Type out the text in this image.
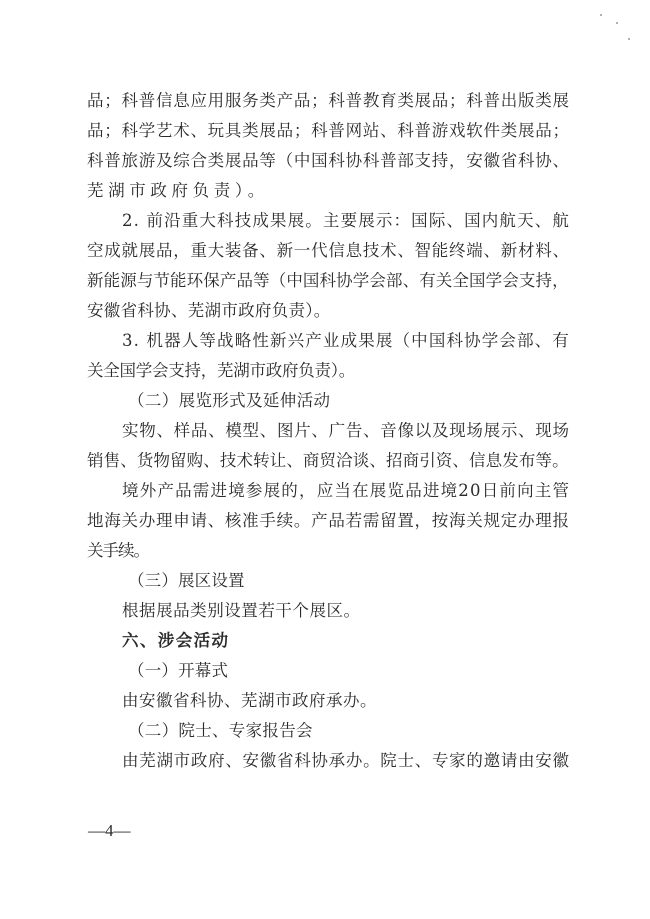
品；科普信息应用服务类产品；科普教育类展品；科普出版类展
品；科学艺术、玩具类展品；科普网站、科普游戏软件类展品；
科普旅游及综合类展品等（中国科协科普部支持，安徽省科协、
芜湖市政府负责）。
2. 前沿重大科技成果展。主要展示：国际、国内航天、航
空成就展品，重大装备、新一代信息技术、智能终端、新材料、
新能源与节能环保产品等（中国科协学会部、有关全国学会支持，
安徽省科协、芜湖市政府负责）。
3. 机器人等战略性新兴产业成果展（中国科协学会部、有
关全国学会支持，芜湖市政府负责）。
（二）展览形式及延伸活动
实物、样品、模型、图片、广告、音像以及现场展示、现场
销售、货物留购、技术转让、商贸洽谈、招商引资、信息发布等。
境外产品需进境参展的，应当在展览品进境20日前向主管
地海关办理申请、核准手续。产品若需留置，按海关规定办理报
关手续。
（三）展区设置
根据展品类别设置若干个展区。
六、涉会活动
（一）开幕式
由安徽省科协、芜湖市政府承办。
（二）院士、专家报告会
由芜湖市政府、安徽省科协承办。院士、专家的邀请由安徽
—4—
